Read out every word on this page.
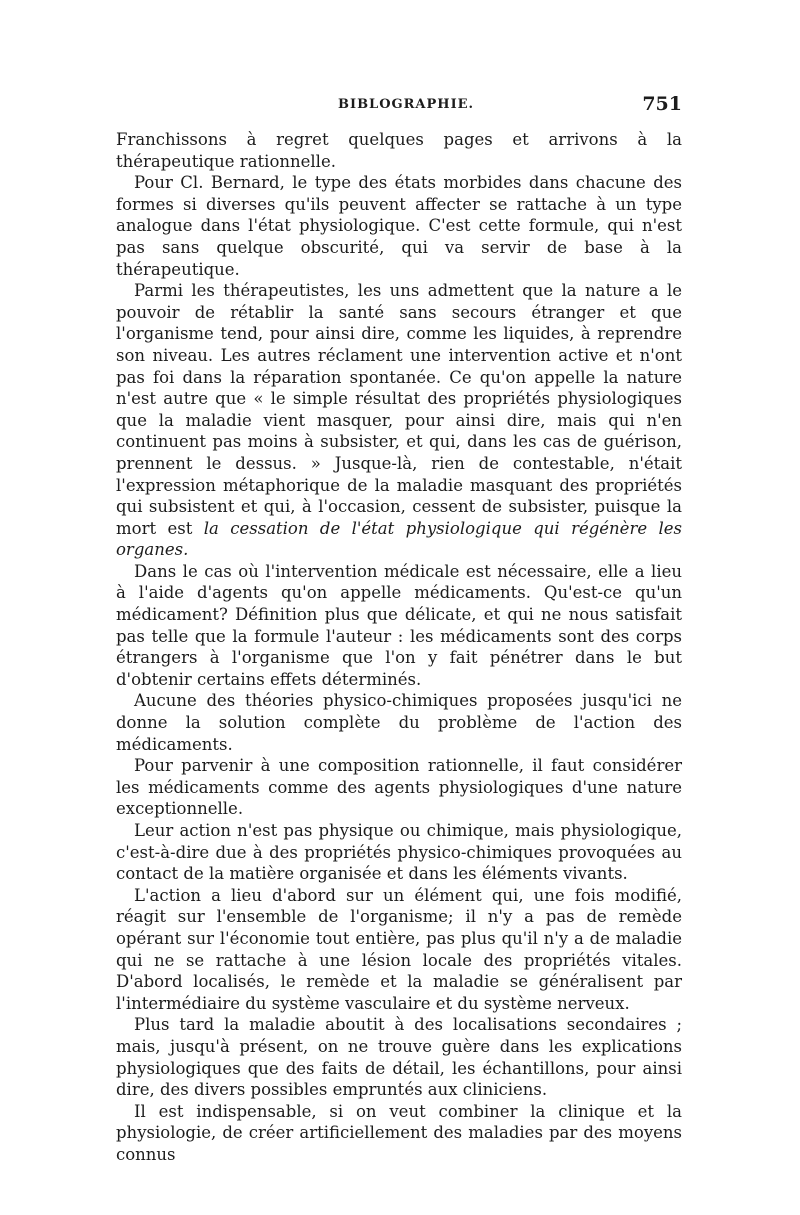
BIBLOGRAPHIE.	751

Franchissons à regret quelques pages et arrivons à la thérapeutique rationnelle.

Pour Cl. Bernard, le type des états morbides dans chacune des formes si diverses qu'ils peuvent affecter se rattache à un type analogue dans l'état physiologique. C'est cette formule, qui n'est pas sans quelque obscurité, qui va servir de base à la thérapeutique.

Parmi les thérapeutistes, les uns admettent que la nature a le pouvoir de rétablir la santé sans secours étranger et que l'organisme tend, pour ainsi dire, comme les liquides, à reprendre son niveau. Les autres réclament une intervention active et n'ont pas foi dans la réparation spontanée. Ce qu'on appelle la nature n'est autre que « le simple résultat des propriétés physiologiques que la maladie vient masquer, pour ainsi dire, mais qui n'en continuent pas moins à subsister, et qui, dans les cas de guérison, prennent le dessus. » Jusque-là, rien de contestable, n'était l'expression métaphorique de la maladie masquant des propriétés qui subsistent et qui, à l'occasion, cessent de subsister, puisque la mort est la cessation de l'état physiologique qui régénère les organes.

Dans le cas où l'intervention médicale est nécessaire, elle a lieu à l'aide d'agents qu'on appelle médicaments. Qu'est-ce qu'un médicament? Définition plus que délicate, et qui ne nous satisfait pas telle que la formule l'auteur : les médicaments sont des corps étrangers à l'organisme que l'on y fait pénétrer dans le but d'obtenir certains effets déterminés.

Aucune des théories physico-chimiques proposées jusqu'ici ne donne la solution complète du problème de l'action des médicaments.

Pour parvenir à une composition rationnelle, il faut considérer les médicaments comme des agents physiologiques d'une nature exceptionnelle.

Leur action n'est pas physique ou chimique, mais physiologique, c'est-à-dire due à des propriétés physico-chimiques provoquées au contact de la matière organisée et dans les éléments vivants.

L'action a lieu d'abord sur un élément qui, une fois modifié, réagit sur l'ensemble de l'organisme; il n'y a pas de remède opérant sur l'économie tout entière, pas plus qu'il n'y a de maladie qui ne se rattache à une lésion locale des propriétés vitales. D'abord localisés, le remède et la maladie se généralisent par l'intermédiaire du système vasculaire et du système nerveux.

Plus tard la maladie aboutit à des localisations secondaires ; mais, jusqu'à présent, on ne trouve guère dans les explications physiologiques que des faits de détail, les échantillons, pour ainsi dire, des divers possibles empruntés aux cliniciens.

Il est indispensable, si on veut combiner la clinique et la physiologie, de créer artificiellement des maladies par des moyens connus
